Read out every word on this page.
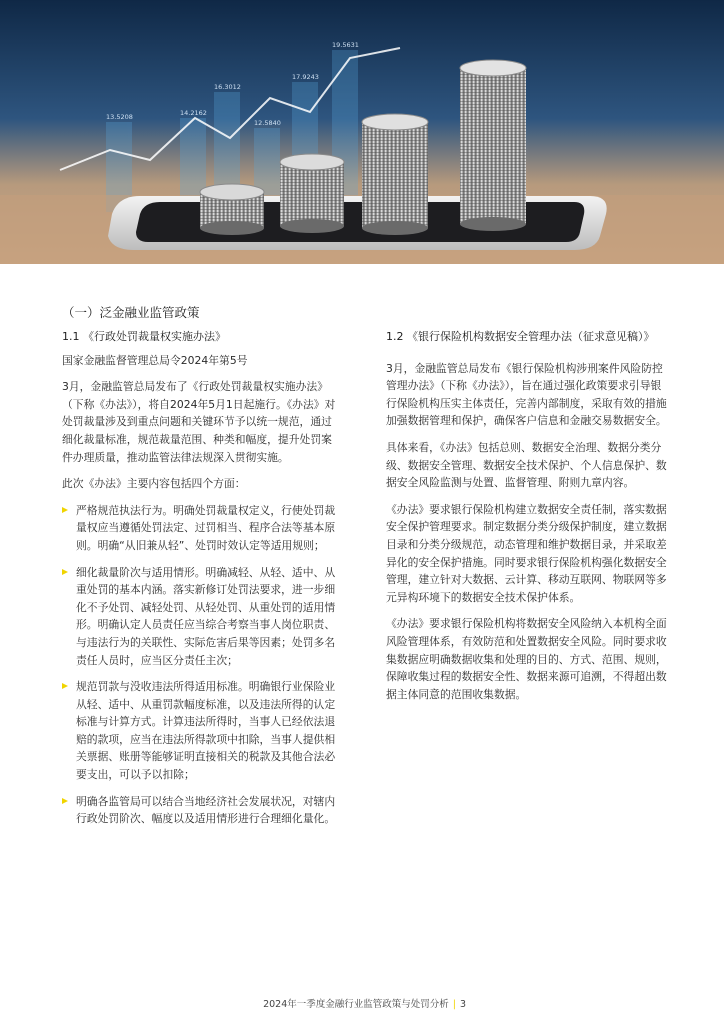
13.5208	14.2162
16.3012
12.5840
17.9243
19.5631
（一）泛金融业监管政策

1.1 《行政处罚裁量权实施办法》

国家金融监督管理总局令2024年第5号

3月，金融监管总局发布了《行政处罚裁量权实施办法》（下称《办法》），将自2024年5月1日起施行。《办法》对处罚裁量涉及到重点问题和关键环节予以统一规范，通过细化裁量标准，规范裁量范围、种类和幅度，提升处罚案件办理质量，推动监管法律法规深入贯彻实施。

此次《办法》主要内容包括四个方面：

严格规范执法行为。明确处罚裁量权定义，行使处罚裁量权应当遵循处罚法定、过罚相当、程序合法等基本原则。明确“从旧兼从轻”、处罚时效认定等适用规则；
细化裁量阶次与适用情形。明确减轻、从轻、适中、从重处罚的基本内涵。落实新修订处罚法要求，进一步细化不予处罚、减轻处罚、从轻处罚、从重处罚的适用情形。明确认定人员责任应当综合考察当事人岗位职责、与违法行为的关联性、实际危害后果等因素；处罚多名责任人员时，应当区分责任主次；
规范罚款与没收违法所得适用标准。明确银行业保险业从轻、适中、从重罚款幅度标准，以及违法所得的认定标准与计算方式。计算违法所得时，当事人已经依法退赔的款项，应当在违法所得款项中扣除，当事人提供相关票据、账册等能够证明直接相关的税款及其他合法必要支出，可以予以扣除；
明确各监管局可以结合当地经济社会发展状况，对辖内行政处罚阶次、幅度以及适用情形进行合理细化量化。

1.2 《银行保险机构数据安全管理办法（征求意见稿）》

3月，金融监管总局发布《银行保险机构涉刑案件风险防控管理办法》（下称《办法》），旨在通过强化政策要求引导银行保险机构压实主体责任，完善内部制度，采取有效的措施加强数据管理和保护，确保客户信息和金融交易数据安全。

具体来看，《办法》包括总则、数据安全治理、数据分类分级、数据安全管理、数据安全技术保护、个人信息保护、数据安全风险监测与处置、监督管理、附则九章内容。

《办法》要求银行保险机构建立数据安全责任制，落实数据安全保护管理要求。制定数据分类分级保护制度，建立数据目录和分类分级规范，动态管理和维护数据目录，并采取差异化的安全保护措施。同时要求银行保险机构强化数据安全管理，建立针对大数据、云计算、移动互联网、物联网等多元异构环境下的数据安全技术保护体系。

《办法》要求银行保险机构将数据安全风险纳入本机构全面风险管理体系，有效防范和处置数据安全风险。同时要求收集数据应明确数据收集和处理的目的、方式、范围、规则，保障收集过程的数据安全性、数据来源可追溯，不得超出数据主体同意的范围收集数据。

2024年一季度金融行业监管政策与处罚分析 | 3
